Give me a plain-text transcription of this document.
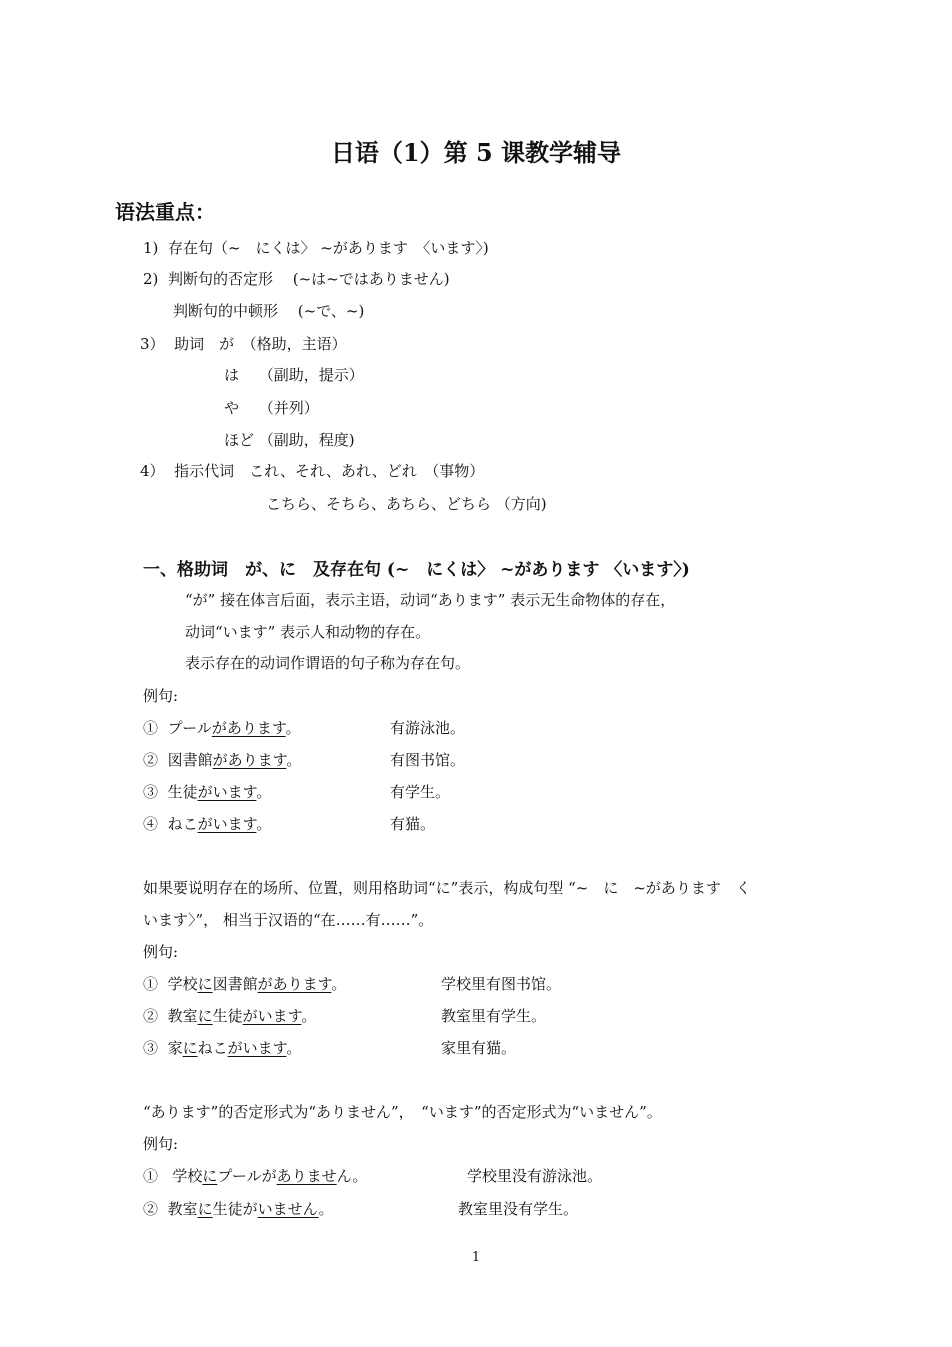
日语（1）第 5 课教学辅导
语法重点：
1) 存在句（~　にくは〉 ~があります　〈います〉)
2) 判断句的否定形　 (~は~ではありません)
判断句的中顿形　 (~で、~)
3） 助词　が　（格助，主语）
は　 （副助，提示）
や　 （并列）
ほど （副助，程度)
4） 指示代词　これ、それ、あれ、どれ　（事物）
こちら、そちら、あちら、どちら （方向)
一、格助词　が、に　及存在句 (~　にくは〉 ~があります 〈います〉)
“が” 接在体言后面，表示主语，动词“あります” 表示无生命物体的存在，
动词“います” 表示人和动物的存在。
表示存在的动词作谓语的句子称为存在句。
例句:
① プールがあります。	有游泳池。
② 図書館があります。	有图书馆。
③ 生徒がいます。	有学生。
④ ねこがいます。	有猫。
如果要说明存在的场所、位置，则用格助词“に”表示，构成句型 “~　に　~があります　く
います〉”， 相当于汉语的“在……有……”。
例句:
① 学校に図書館があります。	学校里有图书馆。
② 教室に生徒がいます。	教室里有学生。
③ 家にねこがいます。	家里有猫。
“あります”的否定形式为“ありません”，　“います”的否定形式为“いません”。
例句:
①   学校にプールがありません。	学校里没有游泳池。
② 教室に生徒がいません。	教室里没有学生。
1
